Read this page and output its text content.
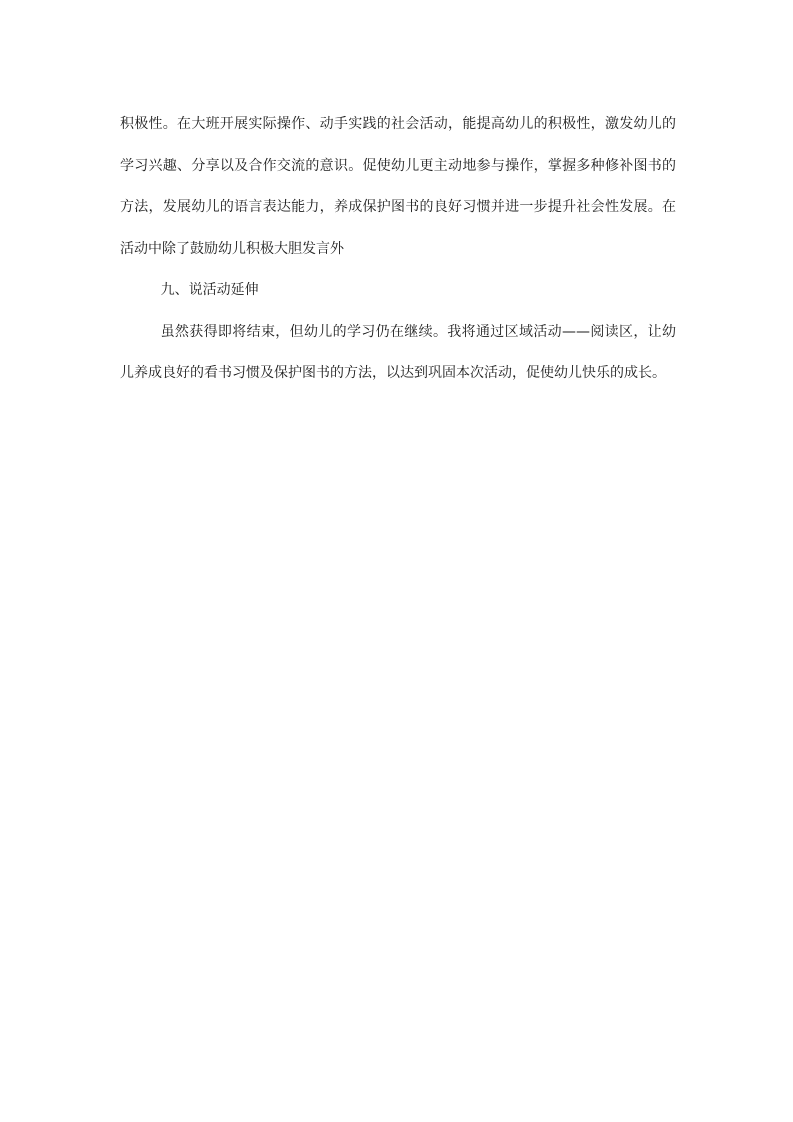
积极性。在大班开展实际操作、动手实践的社会活动，能提高幼儿的积极性，激发幼儿的学习兴趣、分享以及合作交流的意识。促使幼儿更主动地参与操作，掌握多种修补图书的方法，发展幼儿的语言表达能力，养成保护图书的良好习惯并进一步提升社会性发展。在活动中除了鼓励幼儿积极大胆发言外

九、说活动延伸

虽然获得即将结束，但幼儿的学习仍在继续。我将通过区域活动——阅读区，让幼儿养成良好的看书习惯及保护图书的方法，以达到巩固本次活动，促使幼儿快乐的成长。
